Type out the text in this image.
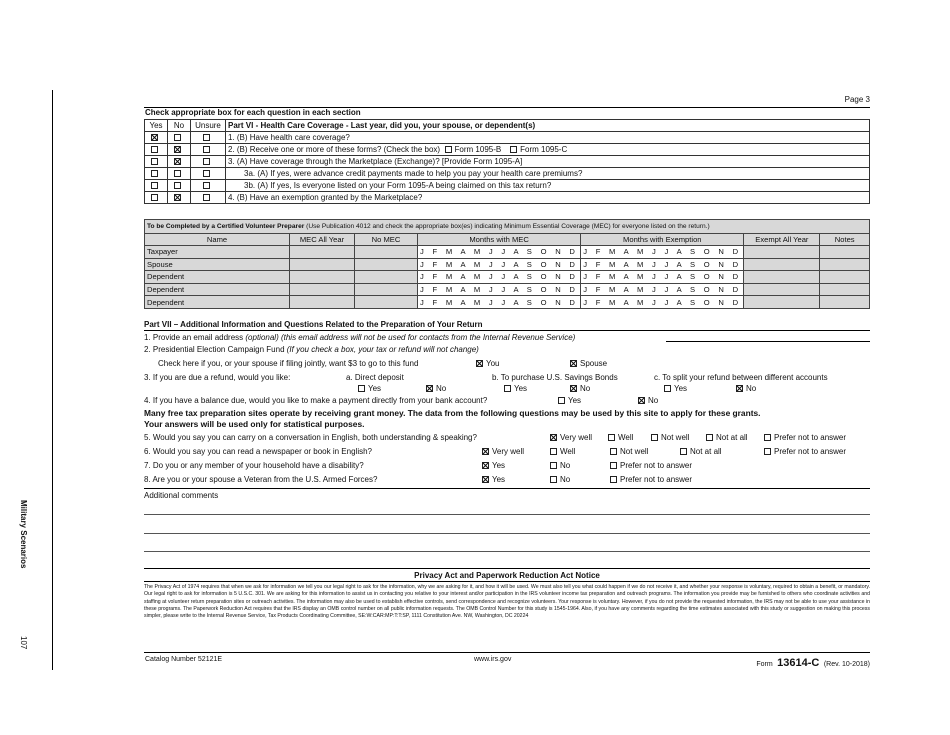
Military Scenarios
107
Page 3
Check appropriate box for each question in each section
Yes	No	Unsure	Part VI - Health Care Coverage - Last year, did you, your spouse, or dependent(s)
			1. (B) Have health care coverage?
			2. (B) Receive one or more of these forms? (Check the box) Form 1095-B Form 1095-C
			3. (A) Have coverage through the Marketplace (Exchange)? [Provide Form 1095-A]
			3a. (A) If yes, were advance credit payments made to help you pay your health care premiums?
			3b. (A) If yes, Is everyone listed on your Form 1095-A being claimed on this tax return?
			4. (B) Have an exemption granted by the Marketplace?
To be Completed by a Certified Volunteer Preparer (Use Publication 4012 and check the appropriate box(es) indicating Minimum Essential Coverage (MEC) for everyone listed on the return.)						
Name	MEC All Year	No MEC	Months with MEC	Months with Exemption	Exempt All Year	Notes
Taxpayer			J F M A M J J A S O N D	J F M A M J J A S O N D		
Spouse			J F M A M J J A S O N D	J F M A M J J A S O N D		
Dependent			J F M A M J J A S O N D	J F M A M J J A S O N D		
Dependent			J F M A M J J A S O N D	J F M A M J J A S O N D		
Dependent			J F M A M J J A S O N D	J F M A M J J A S O N D		
Part VII – Additional Information and Questions Related to the Preparation of Your Return
1. Provide an email address (optional) (this email address will not be used for contacts from the Internal Revenue Service)
2. Presidential Election Campaign Fund (If you check a box, your tax or refund will not change)
Check here if you, or your spouse if filing jointly, want $3 to go to this fund	You	Spouse
3. If you are due a refund, would you like:	a. Direct deposit	b. To purchase U.S. Savings Bonds	c. To split your refund between different accounts
Yes	No	Yes	No	Yes	No
4. If you have a balance due, would you like to make a payment directly from your bank account?	Yes	No
Many free tax preparation sites operate by receiving grant money. The data from the following questions may be used by this site to apply for these grants.
Your answers will be used only for statistical purposes.
5. Would you say you can carry on a conversation in English, both understanding & speaking?	Very well	Well	Not well	Not at all	Prefer not to answer
6. Would you say you can read a newspaper or book in English?	Very well	Well	Not well	Not at all	Prefer not to answer
7. Do you or any member of your household have a disability?	Yes	No	Prefer not to answer
8. Are you or your spouse a Veteran from the U.S. Armed Forces?	Yes	No	Prefer not to answer
Additional comments
Privacy Act and Paperwork Reduction Act Notice
The Privacy Act of 1974 requires that when we ask for information we tell you our legal right to ask for the information, why we are asking for it, and how it will be used. We must also tell you what could happen if we do not receive it, and whether your response is voluntary, required to obtain a benefit, or mandatory. Our legal right to ask for information is 5 U.S.C. 301. We are asking for this information to assist us in contacting you relative to your interest and/or participation in the IRS volunteer income tax preparation and outreach programs. The information you provide may be furnished to others who coordinate activities and staffing at volunteer return preparation sites or outreach activities. The information may also be used to establish effective controls, send correspondence and recognize volunteers. Your response is voluntary. However, if you do not provide the requested information, the IRS may not be able to use your assistance in these programs. The Paperwork Reduction Act requires that the IRS display an OMB control number on all public information requests. The OMB Control Number for this study is 1545-1964. Also, if you have any comments regarding the time estimates associated with this study or suggestion on making this process simpler, please write to the Internal Revenue Service, Tax Products Coordinating Committee, SE:W:CAR:MP:T:T:SP, 1111 Constitution Ave. NW, Washington, DC 20224
Catalog Number 52121E	www.irs.gov
Form 13614-C (Rev. 10-2018)
